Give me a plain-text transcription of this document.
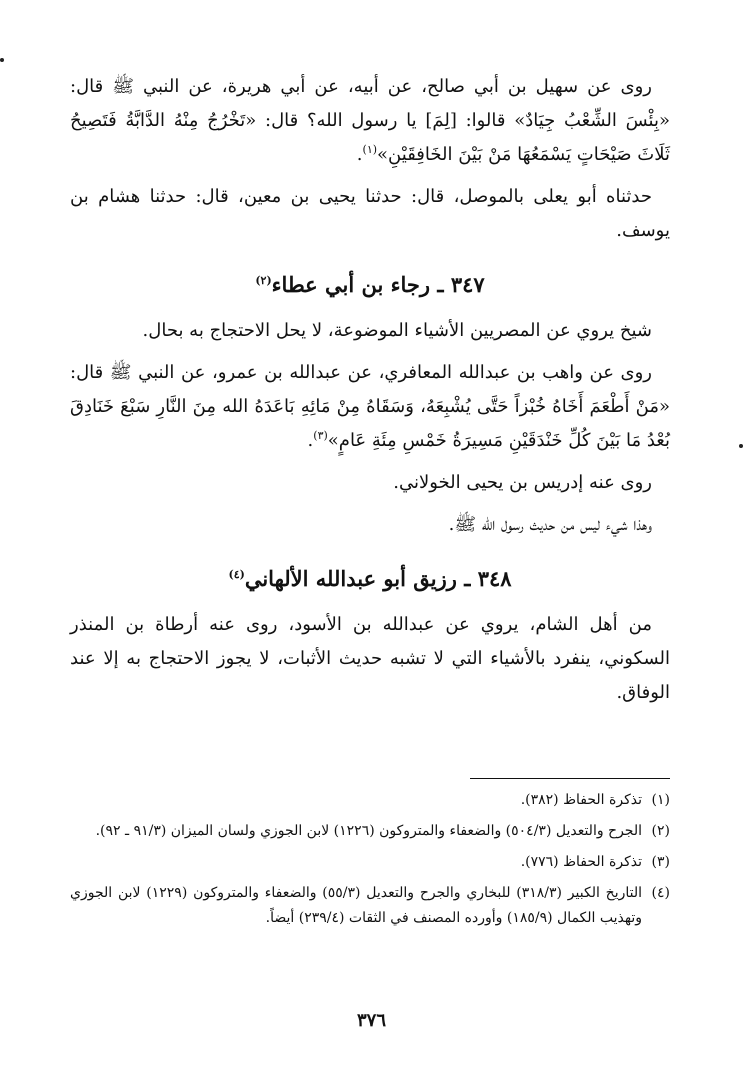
روى عن سهيل بن أبي صالح، عن أبيه، عن أبي هريرة، عن النبي ﷺ قال: «بِئْسَ الشِّعْبُ جِيَادٌ» قالوا: [لِمَ] يا رسول الله؟ قال: «تَخْرُجُ مِنْهُ الدَّابَّةُ فَتَصِيحُ ثَلَاثَ صَيْحَاتٍ يَسْمَعُهَا مَنْ بَيْنَ الخَافِقَيْنِ»$^{(١)}$.

حدثناه أبو يعلى بالموصل، قال: حدثنا يحيى بن معين، قال: حدثنا هشام بن يوسف.

٣٤٧ ـ رجاء بن أبي عطاء$^{(٢)}$

شيخ يروي عن المصريين الأشياء الموضوعة، لا يحل الاحتجاج به بحال.

روى عن واهب بن عبدالله المعافري، عن عبدالله بن عمرو، عن النبي ﷺ قال: «مَنْ أَطْعَمَ أَخَاهُ خُبْزاً حَتَّى يُشْبِعَهُ، وَسَقَاهُ مِنْ مَائِهِ بَاعَدَهُ الله مِنَ النَّارِ سَبْعَ خَنَادِقَ بُعْدُ مَا بَيْنَ كُلِّ خَنْدَقَيْنِ مَسِيرَةُ خَمْسِ مِئَةِ عَامٍ»$^{(٣)}$.

روى عنه إدريس بن يحيى الخولاني.

وهذا شيء ليس من حديث رسول الله ﷺ.

٣٤٨ ـ رزيق أبو عبدالله الألهاني$^{(٤)}$

من أهل الشام، يروي عن عبدالله بن الأسود، روى عنه أرطاة بن المنذر السكوني، ينفرد بالأشياء التي لا تشبه حديث الأثبات، لا يجوز الاحتجاج به إلا عند الوفاق.

(١)
تذكرة الحفاظ (٣٨٢).
(٢)
الجرح والتعديل (٥٠٤/٣) والضعفاء والمتروكون (١٢٢٦) لابن الجوزي ولسان الميزان (٩١/٣ ـ ٩٢).
(٣)
تذكرة الحفاظ (٧٧٦).
(٤)
التاريخ الكبير (٣١٨/٣) للبخاري والجرح والتعديل (٥٥/٣) والضعفاء والمتروكون (١٢٢٩) لابن الجوزي وتهذيب الكمال (١٨٥/٩) وأورده المصنف في الثقات (٢٣٩/٤) أيضاً.
٣٧٦
